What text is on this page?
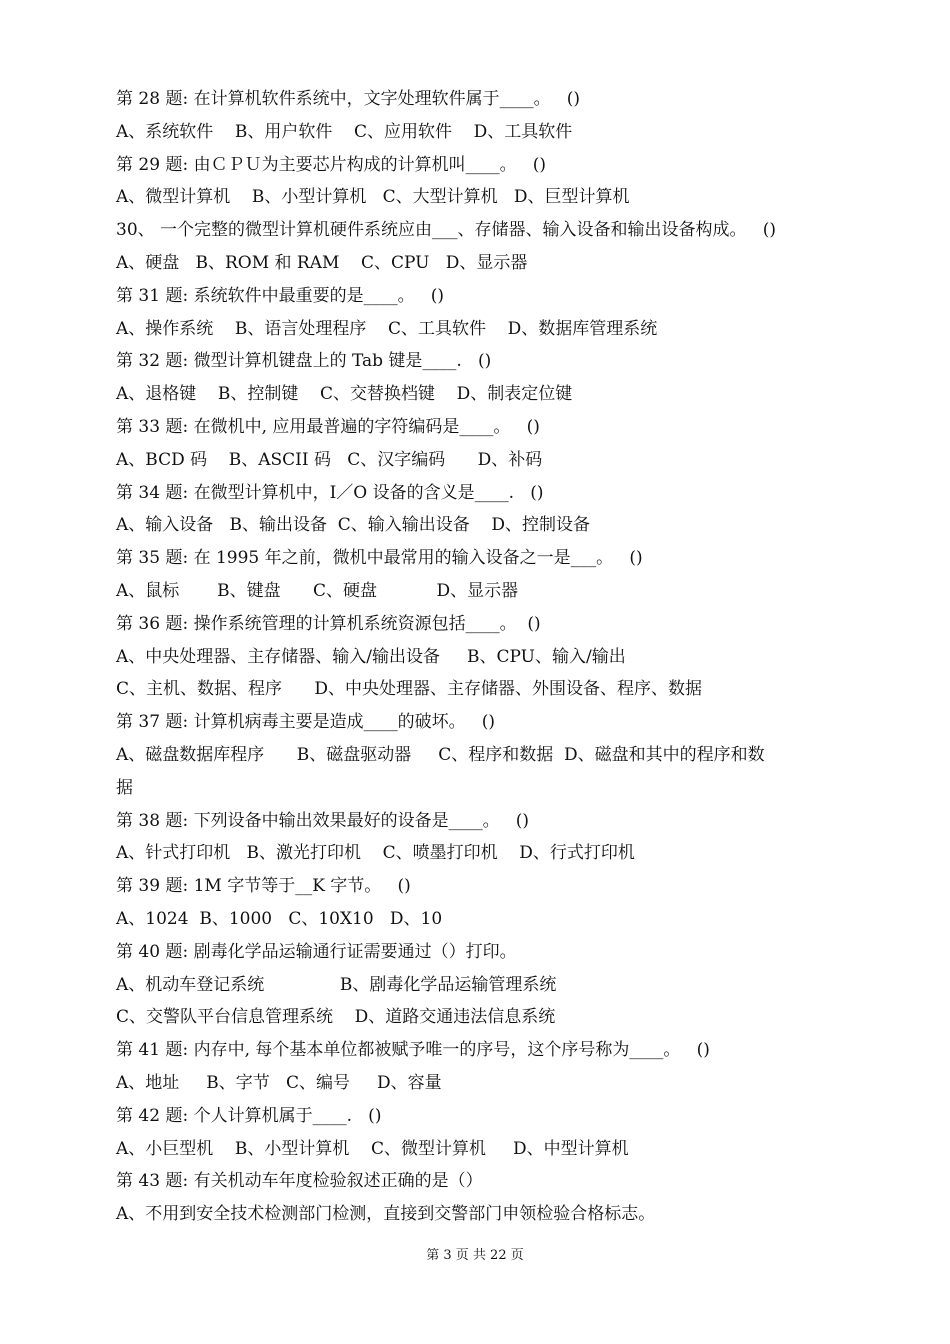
第 28 题: 在计算机软件系统中，文字处理软件属于____。   ()
A、系统软件    B、用户软件    C、应用软件    D、工具软件
第 29 题: 由ＣＰＵ为主要芯片构成的计算机叫____。   ()
A、微型计算机    B、小型计算机   C、大型计算机   D、巨型计算机
30、 一个完整的微型计算机硬件系统应由___、存储器、输入设备和输出设备构成。   ()
A、硬盘   B、ROM 和 RAM    C、CPU   D、显示器
第 31 题: 系统软件中最重要的是____。   ()
A、操作系统    B、语言处理程序    C、工具软件    D、数据库管理系统
第 32 题: 微型计算机键盘上的 Tab 键是____.   ()
A、退格键    B、控制键    C、交替换档键    D、制表定位键
第 33 题: 在微机中, 应用最普遍的字符编码是____。   ()
A、BCD 码    B、ASCII 码   C、汉字编码      D、补码
第 34 题: 在微型计算机中，I／O 设备的含义是____.   ()
A、输入设备   B、输出设备  C、输入输出设备    D、控制设备
第 35 题: 在 1995 年之前，微机中最常用的输入设备之一是___。   ()
A、鼠标       B、键盘      C、硬盘           D、显示器
第 36 题: 操作系统管理的计算机系统资源包括____。  ()
A、中央处理器、主存储器、输入/输出设备     B、CPU、输入/输出
C、主机、数据、程序      D、中央处理器、主存储器、外围设备、程序、数据
第 37 题: 计算机病毒主要是造成____的破坏。   ()
A、磁盘数据库程序      B、磁盘驱动器     C、程序和数据  D、磁盘和其中的程序和数
据
第 38 题: 下列设备中输出效果最好的设备是____。   ()
A、针式打印机   B、激光打印机    C、喷墨打印机    D、行式打印机
第 39 题: 1M 字节等于__K 字节。   ()
A、1024  B、1000   C、10X10   D、10
第 40 题: 剧毒化学品运输通行证需要通过（）打印。
A、机动车登记系统              B、剧毒化学品运输管理系统
C、交警队平台信息管理系统    D、道路交通违法信息系统
第 41 题: 内存中, 每个基本单位都被赋予唯一的序号，这个序号称为____。   ()
A、地址     B、字节   C、编号     D、容量
第 42 题: 个人计算机属于____.   ()
A、小巨型机    B、小型计算机    C、微型计算机     D、中型计算机
第 43 题: 有关机动车年度检验叙述正确的是（）
A、不用到安全技术检测部门检测，直接到交警部门申领检验合格标志。
第 3 页 共 22 页
